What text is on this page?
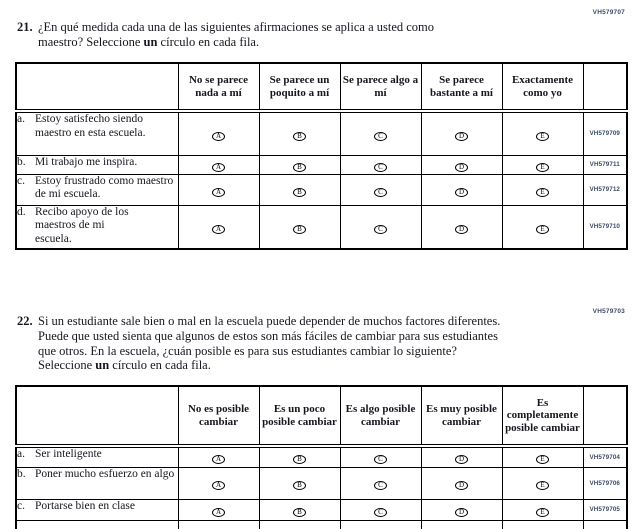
VH579707
21. ¿En qué medida cada una de las siguientes afirmaciones se aplica a usted como maestro? Seleccione un círculo en cada fila.
	No se parece nada a mí	Se parece un poquito a mí	Se parece algo a mí	Se parece bastante a mí	Exactamente como yo	

a. Estoy satisfecho siendo maestro en esta escuela.	A	B	C	D	E	VH579709

b. Mi trabajo me inspira.	A	B	C	D	E	VH579711

c. Estoy frustrado como maestro de mi escuela.	A	B	C	D	E	VH579712

d. Recibo apoyo de los maestros de mi escuela.	A	B	C	D	E	VH579710
VH579703
22. Si un estudiante sale bien o mal en la escuela puede depender de muchos factores diferentes. Puede que usted sienta que algunos de estos son más fáciles de cambiar para sus estudiantes que otros. En la escuela, ¿cuán posible es para sus estudiantes cambiar lo siguiente? Seleccione un círculo en cada fila.
	No es posible cambiar	Es un poco posible cambiar	Es algo posible cambiar	Es muy posible cambiar	Es completamente posible cambiar	

a. Ser inteligente	A	B	C	D	E	VH579704

b. Poner mucho esfuerzo en algo	A	B	C	D	E	VH579706

c. Portarse bien en clase	A	B	C	D	E	VH579705
